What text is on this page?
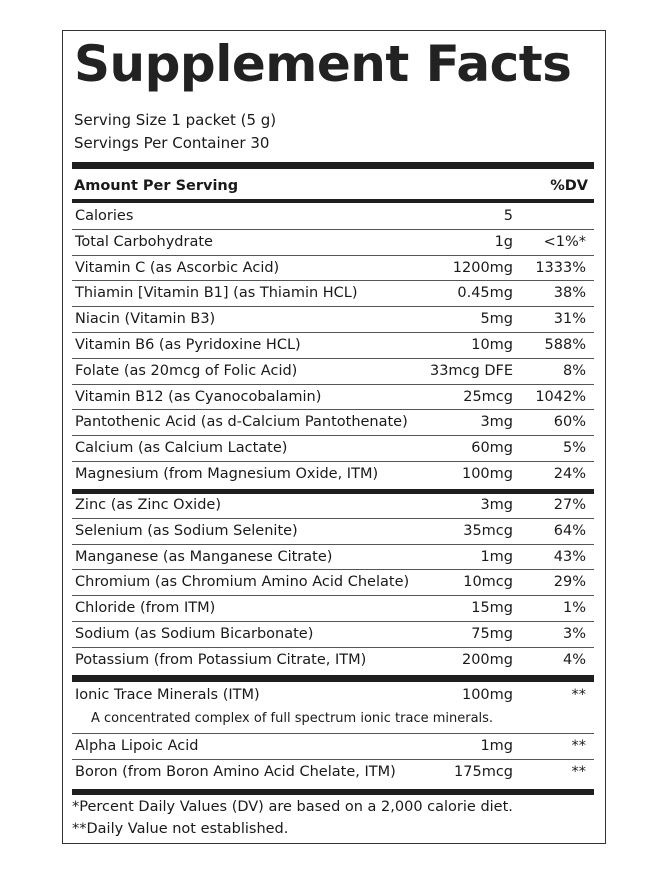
Supplement Facts
Serving Size 1 packet (5 g)
Servings Per Container 30
Amount Per Serving	%DV
Calories	5
Total Carbohydrate	1g <1%*
Vitamin C (as Ascorbic Acid)	1200mg 1333%
Thiamin [Vitamin B1] (as Thiamin HCL)	0.45mg	38%
Niacin (Vitamin B3)	5mg	31%
Vitamin B6 (as Pyridoxine HCL)	10mg 588%
Folate (as 20mcg of Folic Acid)	33mcg DFE	8%
Vitamin B12 (as Cyanocobalamin)	25mcg 1042%
Pantothenic Acid (as d-Calcium Pantothenate)	3mg	60%
Calcium (as Calcium Lactate)	60mg	5%
Magnesium (from Magnesium Oxide, ITM)	100mg	24%
Zinc (as Zinc Oxide)	3mg	27%
Selenium (as Sodium Selenite)	35mcg	64%
Manganese (as Manganese Citrate)	1mg	43%
Chromium (as Chromium Amino Acid Chelate)	10mcg	29%
Chloride (from ITM)	15mg	1%
Sodium (as Sodium Bicarbonate)	75mg	3%
Potassium (from Potassium Citrate, ITM)	200mg	4%
Ionic Trace Minerals (ITM)	100mg	**
A concentrated complex of full spectrum ionic trace minerals.
Alpha Lipoic Acid	1mg	**
Boron (from Boron Amino Acid Chelate, ITM)	175mcg	**
*Percent Daily Values (DV) are based on a 2,000 calorie diet.
**Daily Value not established.
